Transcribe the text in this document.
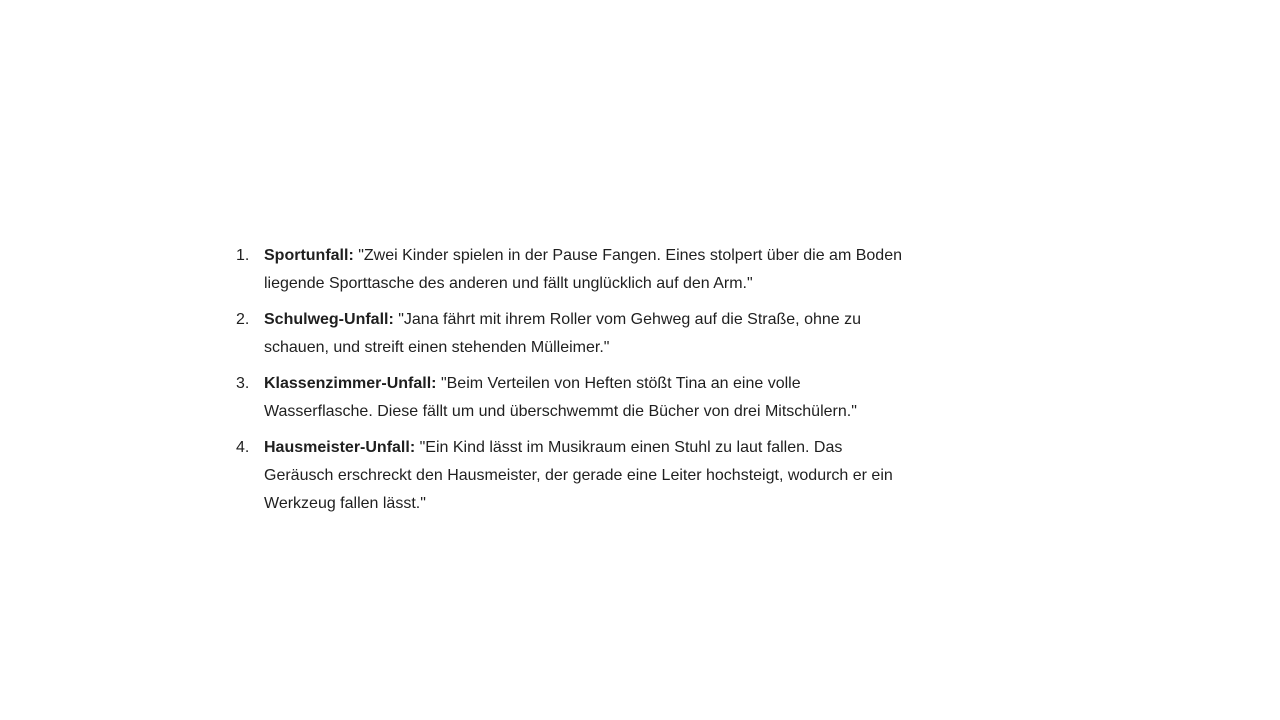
1. Sportunfall: "Zwei Kinder spielen in der Pause Fangen. Eines stolpert über die am Boden liegende Sporttasche des anderen und fällt unglücklich auf den Arm."
2. Schulweg-Unfall: "Jana fährt mit ihrem Roller vom Gehweg auf die Straße, ohne zu schauen, und streift einen stehenden Mülleimer."
3. Klassenzimmer-Unfall: "Beim Verteilen von Heften stößt Tina an eine volle Wasserflasche. Diese fällt um und überschwemmt die Bücher von drei Mitschülern."
4. Hausmeister-Unfall: "Ein Kind lässt im Musikraum einen Stuhl zu laut fallen. Das Geräusch erschreckt den Hausmeister, der gerade eine Leiter hochsteigt, wodurch er ein Werkzeug fallen lässt."
